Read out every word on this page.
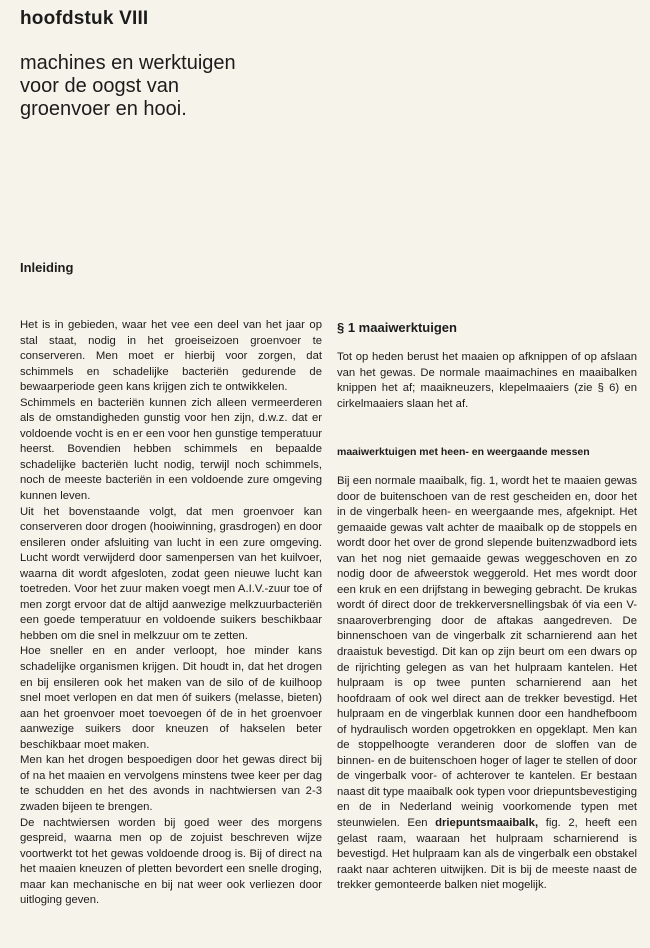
hoofdstuk VIII
machines en werktuigen
voor de oogst van
groenvoer en hooi.
Inleiding

Het is in gebieden, waar het vee een deel van het jaar op stal staat, nodig in het groeiseizoen groenvoer te conserveren. Men moet er hierbij voor zorgen, dat schimmels en schadelijke bacteriën gedurende de bewaarperiode geen kans krijgen zich te ontwikkelen.

Schimmels en bacteriën kunnen zich alleen vermeerderen als de omstandigheden gunstig voor hen zijn, d.w.z. dat er voldoende vocht is en er een voor hen gunstige temperatuur heerst. Bovendien hebben schimmels en bepaalde schadelijke bacteriën lucht nodig, terwijl noch schimmels, noch de meeste bacteriën in een voldoende zure omgeving kunnen leven.

Uit het bovenstaande volgt, dat men groenvoer kan conserveren door drogen (hooiwinning, grasdrogen) en door ensileren onder afsluiting van lucht in een zure omgeving. Lucht wordt verwijderd door samenpersen van het kuilvoer, waarna dit wordt afgesloten, zodat geen nieuwe lucht kan toetreden. Voor het zuur maken voegt men A.I.V.-zuur toe of men zorgt ervoor dat de altijd aanwezige melkzuurbacteriën een goede temperatuur en voldoende suikers beschikbaar hebben om die snel in melkzuur om te zetten.

Hoe sneller en en ander verloopt, hoe minder kans schadelijke organismen krijgen. Dit houdt in, dat het drogen en bij ensileren ook het maken van de silo of de kuilhoop snel moet verlopen en dat men óf suikers (melasse, bieten) aan het groenvoer moet toevoegen óf de in het groenvoer aanwezige suikers door kneuzen of hakselen beter beschikbaar moet maken.

Men kan het drogen bespoedigen door het gewas direct bij of na het maaien en vervolgens minstens twee keer per dag te schudden en het des avonds in nachtwiersen van 2-3 zwaden bijeen te brengen.

De nachtwiersen worden bij goed weer des morgens gespreid, waarna men op de zojuist beschreven wijze voortwerkt tot het gewas voldoende droog is. Bij of direct na het maaien kneuzen of pletten bevordert een snelle droging, maar kan mechanische en bij nat weer ook verliezen door uitloging geven.

§ 1 maaiwerktuigen

Tot op heden berust het maaien op afknippen of op afslaan van het gewas. De normale maaimachines en maaibalken knippen het af; maaikneuzers, klepelmaaiers (zie § 6) en cirkelmaaiers slaan het af.

maaiwerktuigen met heen- en weergaande messen

Bij een normale maaibalk, fig. 1, wordt het te maaien gewas door de buitenschoen van de rest gescheiden en, door het in de vingerbalk heen- en weergaande mes, afgeknipt. Het gemaaide gewas valt achter de maaibalk op de stoppels en wordt door het over de grond slepende buitenzwadbord iets van het nog niet gemaaide gewas weggeschoven en zo nodig door de afweerstok weggerold. Het mes wordt door een kruk en een drijfstang in beweging gebracht. De krukas wordt óf direct door de trekkerversnellingsbak óf via een V-snaaroverbrenging door de aftakas aangedreven. De binnenschoen van de vingerbalk zit scharnierend aan het draaistuk bevestigd. Dit kan op zijn beurt om een dwars op de rijrichting gelegen as van het hulpraam kantelen. Het hulpraam is op twee punten scharnierend aan het hoofdraam of ook wel direct aan de trekker bevestigd. Het hulpraam en de vingerblak kunnen door een handhefboom of hydraulisch worden opgetrokken en opgeklapt. Men kan de stoppelhoogte veranderen door de sloffen van de binnen- en de buitenschoen hoger of lager te stellen of door de vingerbalk voor- of achterover te kantelen. Er bestaan naast dit type maaibalk ook typen voor driepuntsbevestiging en de in Nederland weinig voorkomende typen met steunwielen. Een driepuntsmaaibalk, fig. 2, heeft een gelast raam, waaraan het hulpraam scharnierend is bevestigd. Het hulpraam kan als de vingerbalk een obstakel raakt naar achteren uitwijken. Dit is bij de meeste naast de trekker gemonteerde balken niet mogelijk.
